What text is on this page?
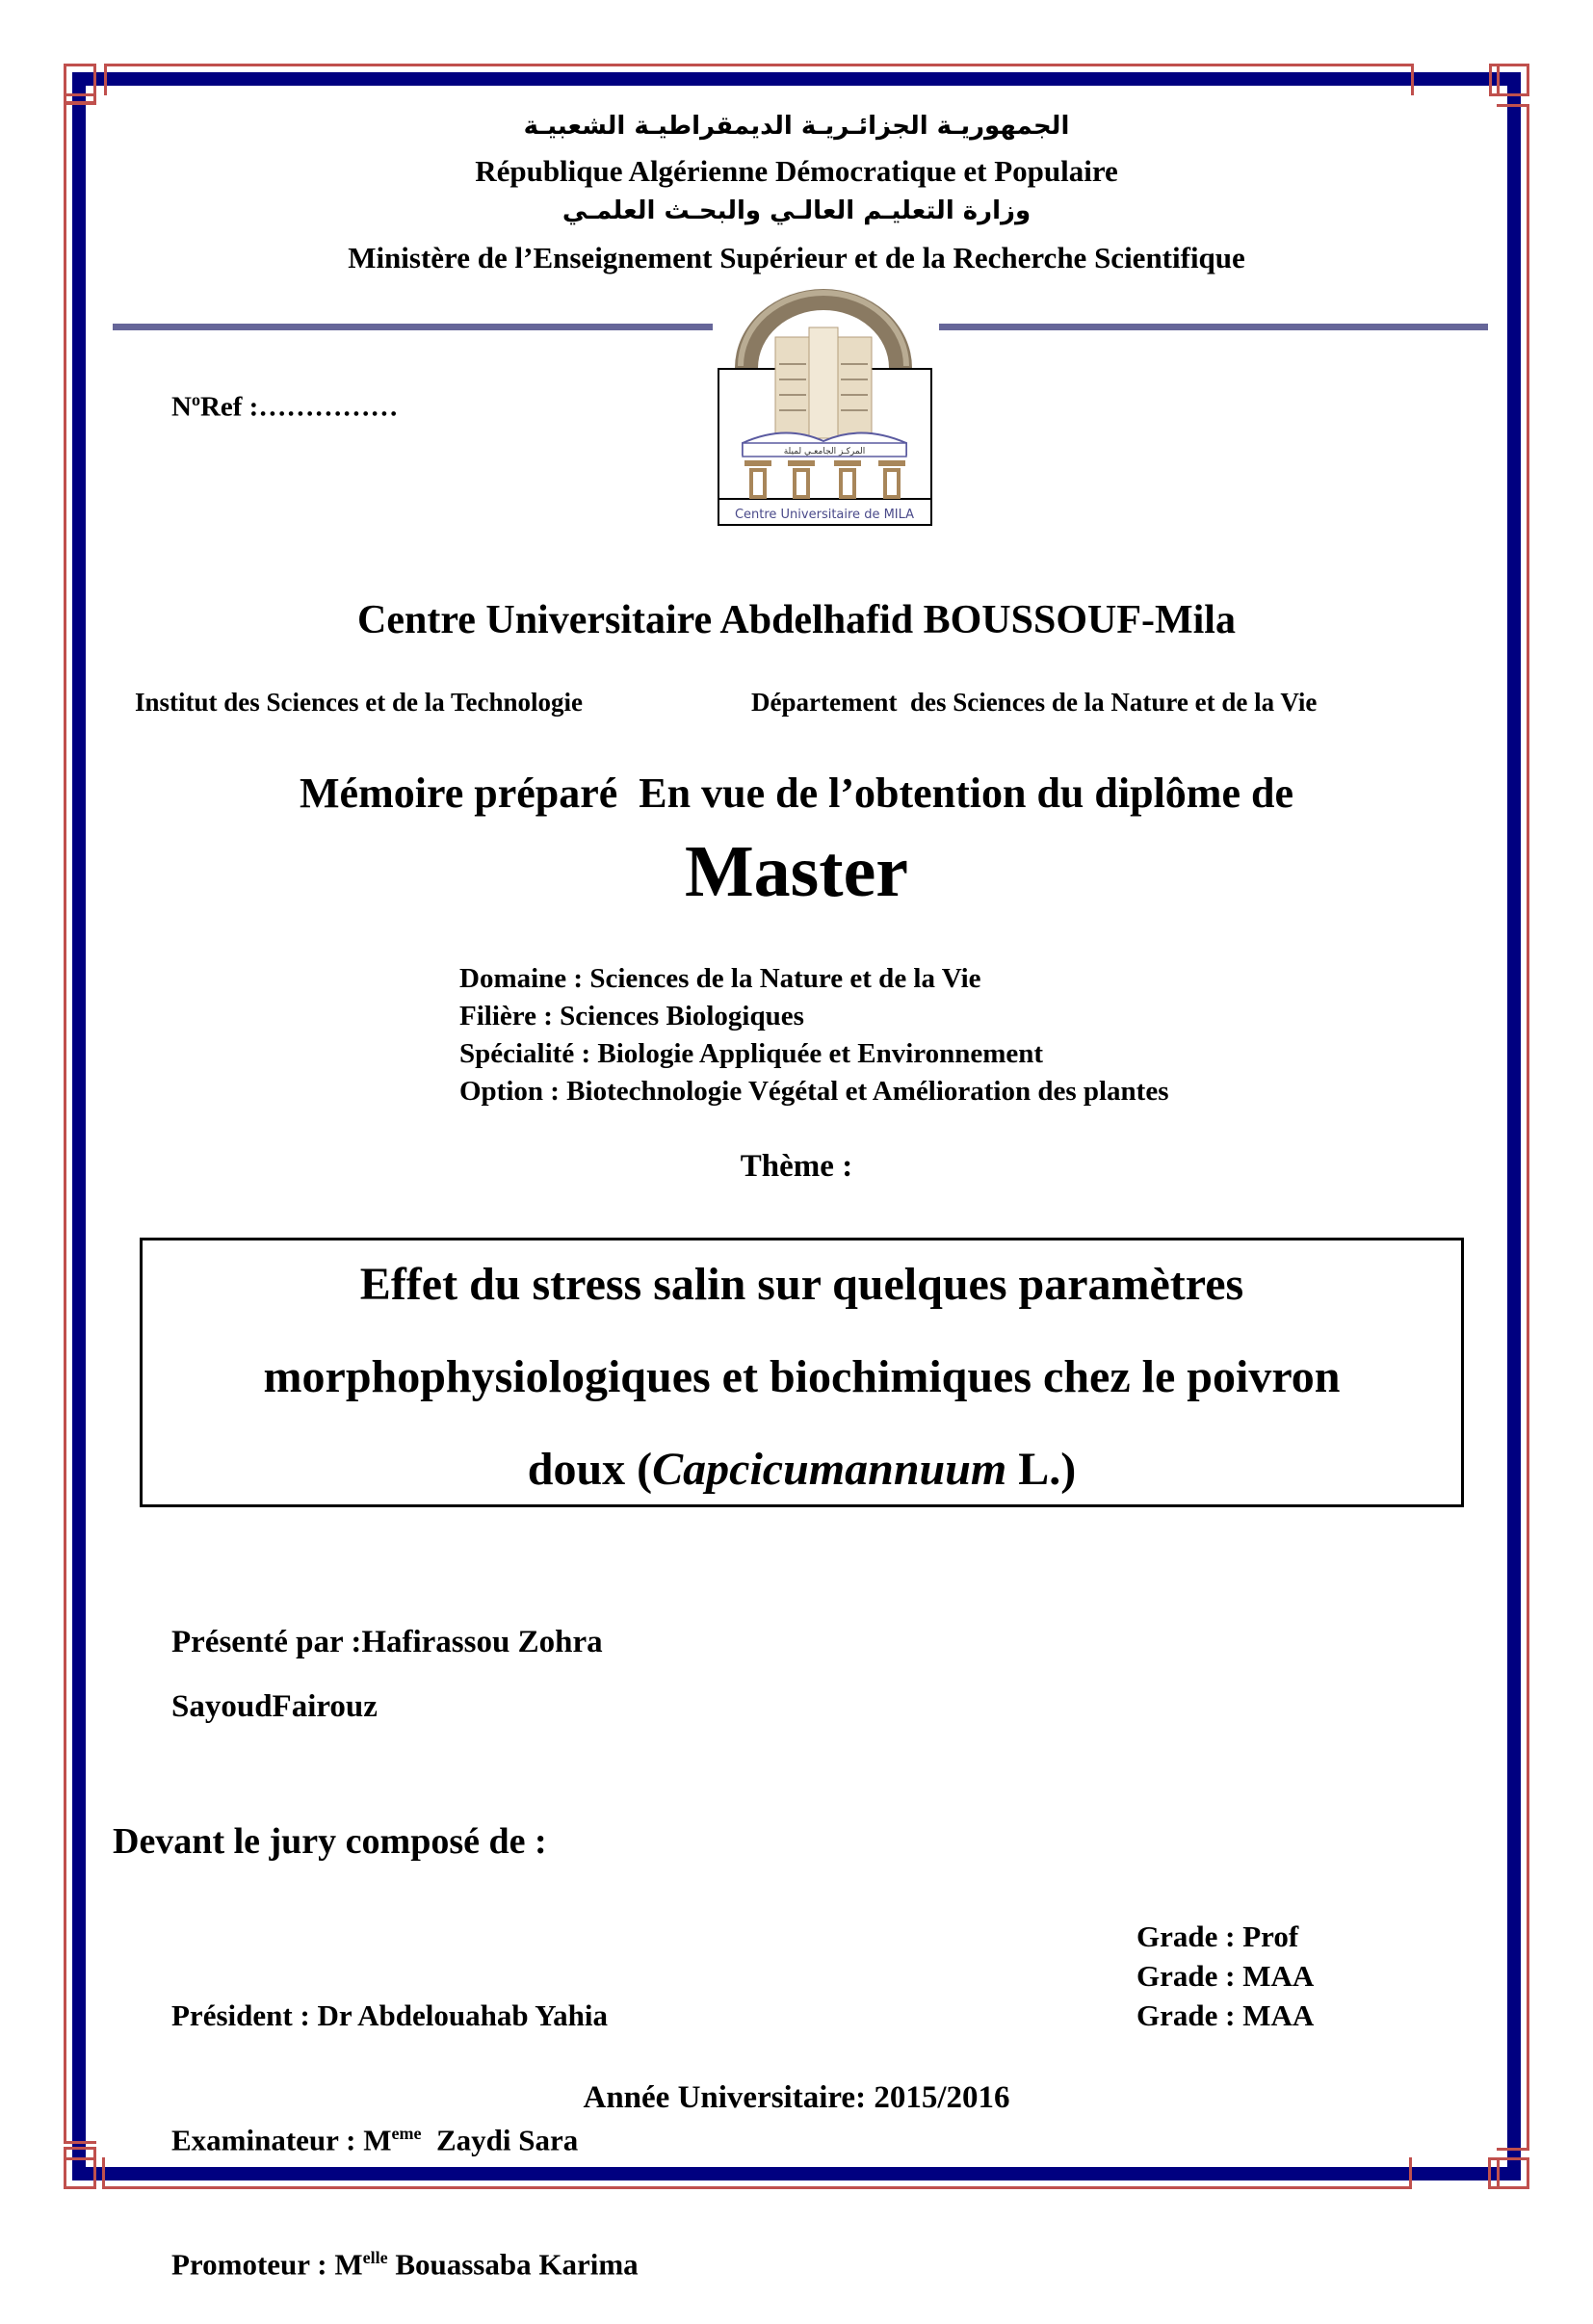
الجمهوريـة الجزائـريـة الديمقراطيـة الشعبيـة
République Algérienne Démocratique et Populaire
وزارة التعليـم العالـي والبحـث العلمـي
Ministère de l’Enseignement Supérieur et de la Recherche Scientifique
$N^oRef$ :……………
المركـز الجامعـي لميلة
Centre Universitaire de MILA
Centre Universitaire Abdelhafid BOUSSOUF-Mila
Institut des Sciences et de la Technologie	Département  des Sciences de la Nature et de la Vie
Mémoire préparé  En vue de l’obtention du diplôme de
Master
Domaine : Sciences de la Nature et de la Vie
Filière : Sciences Biologiques
Spécialité : Biologie Appliquée et Environnement
Option : Biotechnologie Végétal et Amélioration des plantes
Thème :
Effet du stress salin sur quelques paramètres
morphophysiologiques et biochimiques chez le poivron
doux (Capcicumannuum L.)
Présenté par :Hafirassou Zohra
SayoudFairouz
Devant le jury composé de :

Président : Dr Abdelouahab Yahia

Examinateur : Meme  Zaydi Sara

Promoteur : $M^{elle}$ Bouassaba Karima

Grade : Prof
Grade : MAA
Grade : MAA
Année Universitaire: 2015/2016
